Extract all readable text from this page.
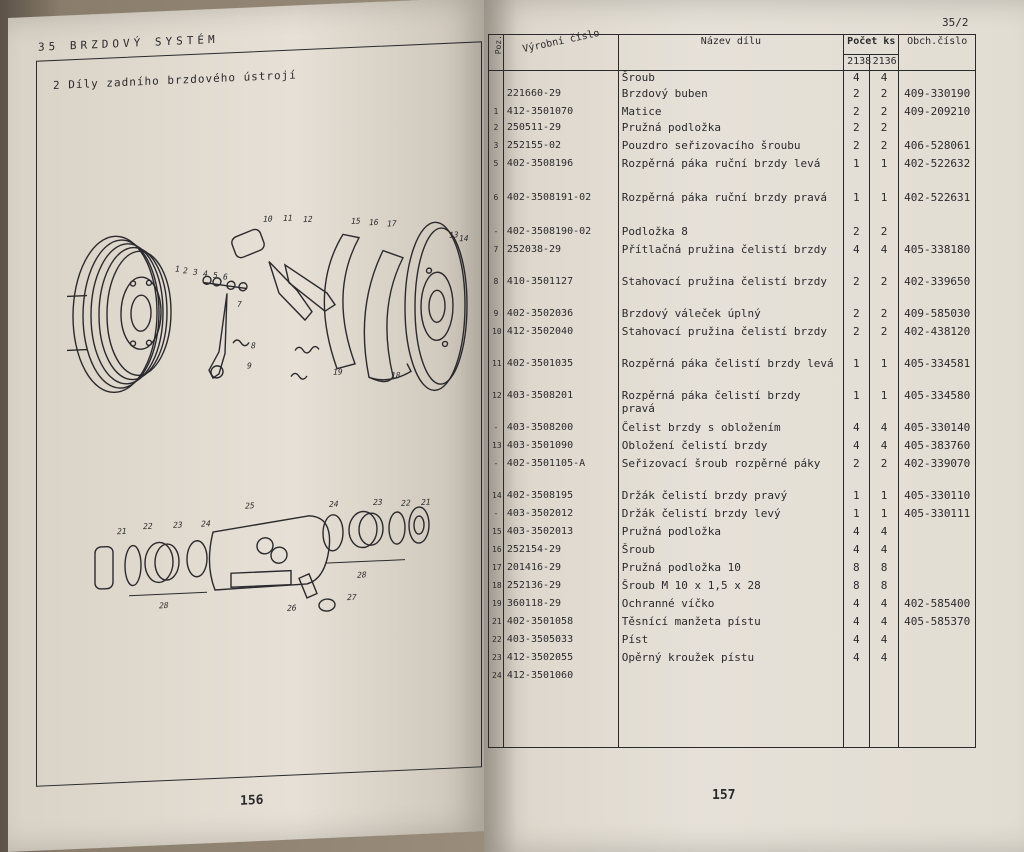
35 BRZDOVÝ SYSTÉM
2 Díly zadního brzdového ústrojí
10 11 12	15 16 17
13 14
1 2 3 4 5 6
7
8
9
19	18
21
22	23 24
25	24	23 22 21
28
28
26
27
156
35/2
Poz.	Výrobní číslo	Název dílu	Počet ks		Obch.číslo
			2138	2136	
		Šroub	4	4	
	221660-29	Brzdový buben	2	2	409-330190
1	412-3501070	Matice	2	2	409-209210
2	250511-29	Pružná podložka	2	2	
3	252155-02	Pouzdro seřizovacího šroubu	2	2	406-528061
5	402-3508196	Rozpěrná páka ruční brzdy levá	1	1	402-522632
6	402-3508191-02	Rozpěrná páka ruční brzdy pravá	1	1	402-522631
-	402-3508190-02	Podložka 8	2	2	
7	252038-29	Přítlačná pružina čelistí brzdy	4	4	405-338180
8	410-3501127	Stahovací pružina čelistí brzdy	2	2	402-339650
9	402-3502036	Brzdový váleček úplný	2	2	409-585030
10	412-3502040	Stahovací pružina čelistí brzdy	2	2	402-438120
11	402-3501035	Rozpěrná páka čelistí brzdy levá	1	1	405-334581
12	403-3508201	Rozpěrná páka čelistí brzdy pravá	1	1	405-334580
-	403-3508200	Čelist brzdy s obložením	4	4	405-330140
13	403-3501090	Obložení čelistí brzdy	4	4	405-383760
-	402-3501105-A	Seřizovací šroub rozpěrné páky	2	2	402-339070
14	402-3508195	Držák čelistí brzdy pravý	1	1	405-330110
-	403-3502012	Držák čelistí brzdy levý	1	1	405-330111
15	403-3502013	Pružná podložka	4	4	
16	252154-29	Šroub	4	4	
17	201416-29	Pružná podložka 10	8	8	
18	252136-29	Šroub M 10 x 1,5 x 28	8	8	
19	360118-29	Ochranné víčko	4	4	402-585400
21	402-3501058	Těsnící manžeta pístu	4	4	405-585370
22	403-3505033	Píst	4	4	
23	412-3502055	Opěrný kroužek pístu	4	4	
24	412-3501060				

157
